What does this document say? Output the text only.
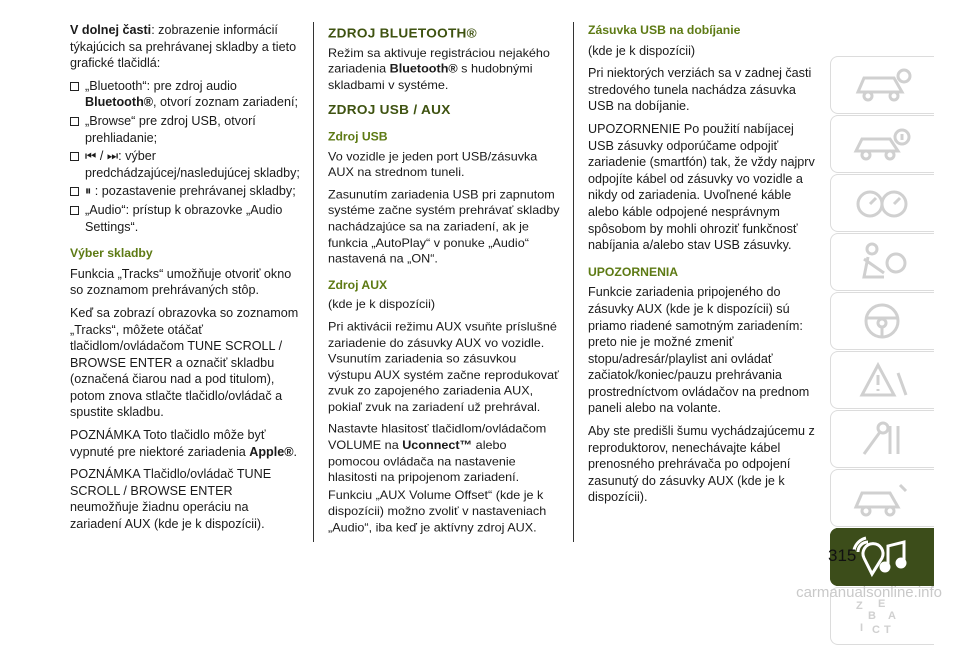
V dolnej časti: zobrazenie informácií týkajúcich sa prehrávanej skladby a tieto grafické tlačidlá:

„Bluetooth“: pre zdroj audio Bluetooth®, otvorí zoznam zariadení;
„Browse“ pre zdroj USB, otvorí prehliadanie;
⏮ / ⏭: výber predchádzajúcej/nasledujúcej skladby;
⏸ : pozastavenie prehrávanej skladby;
„Audio“: prístup k obrazovke „Audio Settings“.

Výber skladby

Funkcia „Tracks“ umožňuje otvoriť okno so zoznamom prehrávaných stôp.

Keď sa zobrazí obrazovka so zoznamom „Tracks“, môžete otáčať tlačidlom/ovládačom TUNE SCROLL / BROWSE ENTER a označiť skladbu (označená čiarou nad a pod titulom), potom znova stlačte tlačidlo/ovládač a spustite skladbu.

POZNÁMKA Toto tlačidlo môže byť vypnuté pre niektoré zariadenia Apple®.

POZNÁMKA Tlačidlo/ovládač TUNE SCROLL / BROWSE ENTER neumožňuje žiadnu operáciu na zariadení AUX (kde je k dispozícii).

ZDROJ BLUETOOTH®

Režim sa aktivuje registráciou nejakého zariadenia Bluetooth® s hudobnými skladbami v systéme.

ZDROJ USB / AUX

Zdroj USB

Vo vozidle je jeden port USB/zásuvka AUX na strednom tuneli.

Zasunutím zariadenia USB pri zapnutom systéme začne systém prehrávať skladby nachádzajúce sa na zariadení, ak je funkcia „AutoPlay“ v ponuke „Audio“ nastavená na „ON“.

Zdroj AUX

(kde je k dispozícii)

Pri aktivácii režimu AUX vsuňte príslušné zariadenie do zásuvky AUX vo vozidle. Vsunutím zariadenia so zásuvkou výstupu AUX systém začne reprodukovať zvuk zo zapojeného zariadenia AUX, pokiaľ zvuk na zariadení už prehrával.

Nastavte hlasitosť tlačidlom/ovládačom VOLUME na Uconnect™ alebo pomocou ovládača na nastavenie hlasitosti na pripojenom zariadení.

Funkciu „AUX Volume Offset“ (kde je k dispozícii) možno zvoliť v nastaveniach „Audio“, iba keď je aktívny zdroj AUX.

Zásuvka USB na dobíjanie

(kde je k dispozícii)

Pri niektorých verziách sa v zadnej časti stredového tunela nachádza zásuvka USB na dobíjanie.

UPOZORNENIE Po použití nabíjacej USB zásuvky odporúčame odpojiť zariadenie (smartfón) tak, že vždy najprv odpojíte kábel od zásuvky vo vozidle a nikdy od zariadenia. Uvoľnené káble alebo káble odpojené nesprávnym spôsobom by mohli ohroziť funkčnosť nabíjania a/alebo stav USB zásuvky.

UPOZORNENIA

Funkcie zariadenia pripojeného do zásuvky AUX (kde je k dispozícii) sú priamo riadené samotným zariadením: preto nie je možné zmeniť stopu/adresár/playlist ani ovládať začiatok/koniec/pauzu prehrávania prostredníctvom ovládačov na prednom paneli alebo na volante.

Aby ste predišli šumu vychádzajúcemu z reproduktorov, nenechávajte kábel prenosného prehrávača po odpojení zasunutý do zásuvky AUX (kde je k dispozícii).

Z E
B A
I C T
315
carmanualsonline.info
